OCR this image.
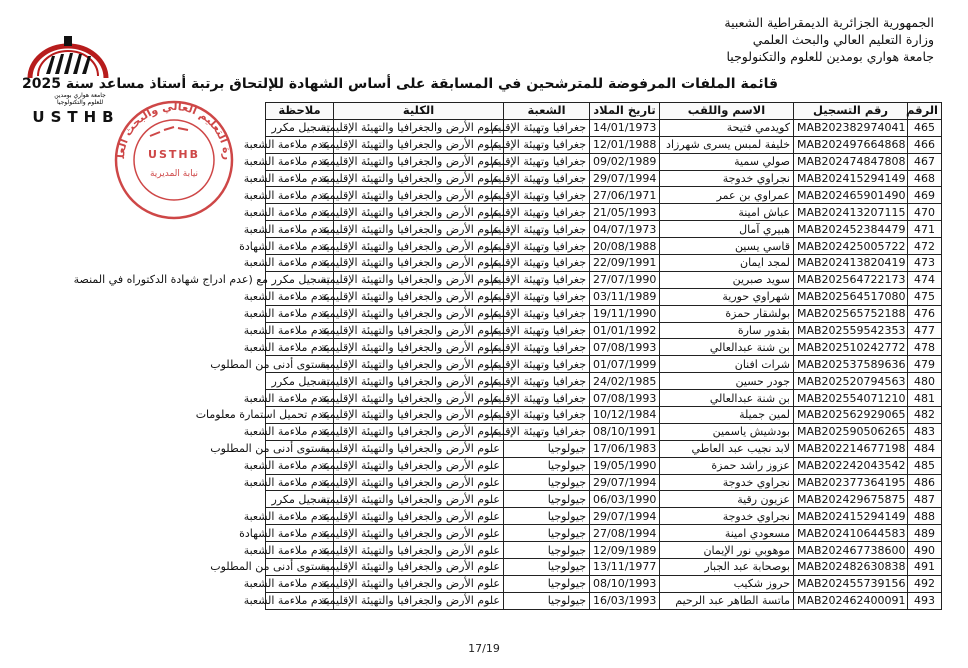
الجمهورية الجزائرية الديمقراطية الشعبية
وزارة التعليم العالي والبحث العلمي
جامعة هواري بومدين للعلوم والتكنولوجيا
جامعة هواري بومدين للعلوم والتكنولوجيا
USTHB
قائمة الملفات المرفوضة للمترشحين في المسابقة على أساس الشهادة للإلتحاق برتبة أستاذ مساعد سنة 2025
الرقم	رقم التسجيل	الاسم واللقب	تاريخ الملاد	الشعبة	الكلية	ملاحظة
465	MAB202382974041	كويدمي فتيحة	14/01/1973	جغرافيا وتهيئة الإقليم	علوم الأرض والجغرافيا والتهيئة الإقليمية	تسجيل مكرر
466	MAB202497664868	خليفة لمبس يسرى شهرزاد	12/01/1988	جغرافيا وتهيئة الإقليم	علوم الأرض والجغرافيا والتهيئة الإقليمية	عدم ملاءمة الشعبة
467	MAB202474847808	صولي سمية	09/02/1989	جغرافيا وتهيئة الإقليم	علوم الأرض والجغرافيا والتهيئة الإقليمية	عدم ملاءمة الشعبة
468	MAB202415294149	نجراوي خدوجة	29/07/1994	جغرافيا وتهيئة الإقليم	علوم الأرض والجغرافيا والتهيئة الإقليمية	عدم ملاءمة الشعبة
469	MAB202465901490	عمراوي بن عمر	27/06/1971	جغرافيا وتهيئة الإقليم	علوم الأرض والجغرافيا والتهيئة الإقليمية	عدم ملاءمة الشعبة
470	MAB202413207115	عباش امينة	21/05/1993	جغرافيا وتهيئة الإقليم	علوم الأرض والجغرافيا والتهيئة الإقليمية	عدم ملاءمة الشعبة
471	MAB202452384479	هبيري آمال	04/07/1973	جغرافيا وتهيئة الإقليم	علوم الأرض والجغرافيا والتهيئة الإقليمية	عدم ملاءمة الشعبة
472	MAB202425005722	قاسي يسين	20/08/1988	جغرافيا وتهيئة الإقليم	علوم الأرض والجغرافيا والتهيئة الإقليمية	عدم ملاءمة الشهادة
473	MAB202413820419	لمجد ايمان	22/09/1991	جغرافيا وتهيئة الإقليم	علوم الأرض والجغرافيا والتهيئة الإقليمية	عدم ملاءمة الشعبة
474	MAB202564722173	سويد صبرين	27/07/1990	جغرافيا وتهيئة الإقليم	علوم الأرض والجغرافيا والتهيئة الإقليمية	تسجيل مكرر مع (عدم ادراج شهادة الدكتوراه في المنصة
475	MAB202564517080	شهراوي حورية	03/11/1989	جغرافيا وتهيئة الإقليم	علوم الأرض والجغرافيا والتهيئة الإقليمية	عدم ملاءمة الشعبة
476	MAB202565752188	بولشقار حمزة	19/11/1990	جغرافيا وتهيئة الإقليم	علوم الأرض والجغرافيا والتهيئة الإقليمية	عدم ملاءمة الشعبة
477	MAB202559542353	بقدور سارة	01/01/1992	جغرافيا وتهيئة الإقليم	علوم الأرض والجغرافيا والتهيئة الإقليمية	عدم ملاءمة الشعبة
478	MAB202510242772	بن شنة عبدالعالي	07/08/1993	جغرافيا وتهيئة الإقليم	علوم الأرض والجغرافيا والتهيئة الإقليمية	عدم ملاءمة الشعبة
479	MAB202537589636	شرات افنان	01/07/1999	جغرافيا وتهيئة الإقليم	علوم الأرض والجغرافيا والتهيئة الإقليمية	مستوى أدنى من المطلوب
480	MAB202520794563	جودر حسين	24/02/1985	جغرافيا وتهيئة الإقليم	علوم الأرض والجغرافيا والتهيئة الإقليمية	تسجيل مكرر
481	MAB202554071210	بن شنة عبدالعالي	07/08/1993	جغرافيا وتهيئة الإقليم	علوم الأرض والجغرافيا والتهيئة الإقليمية	عدم ملاءمة الشعبة
482	MAB202562929065	لمين جميلة	10/12/1984	جغرافيا وتهيئة الإقليم	علوم الأرض والجغرافيا والتهيئة الإقليمية	عدم تحميل استمارة معلومات
483	MAB202590506265	بودشيش ياسمين	08/10/1991	جغرافيا وتهيئة الإقليم	علوم الأرض والجغرافيا والتهيئة الإقليمية	عدم ملاءمة الشعبة
484	MAB202214677198	لابد نجيب عبد العاطي	17/06/1983	جيولوجيا	علوم الأرض والجغرافيا والتهيئة الإقليمية	مستوى أدنى من المطلوب
485	MAB202242043542	عزوز راشد حمزة	19/05/1990	جيولوجيا	علوم الأرض والجغرافيا والتهيئة الإقليمية	عدم ملاءمة الشعبة
486	MAB202377364195	نجراوي خدوجة	29/07/1994	جيولوجيا	علوم الأرض والجغرافيا والتهيئة الإقليمية	عدم ملاءمة الشعبة
487	MAB202429675875	عزيون رقية	06/03/1990	جيولوجيا	علوم الأرض والجغرافيا والتهيئة الإقليمية	تسجيل مكرر
488	MAB202415294149	نجراوي خدوجة	29/07/1994	جيولوجيا	علوم الأرض والجغرافيا والتهيئة الإقليمية	عدم ملاءمة الشعبة
489	MAB202410644583	مسعودي امينة	27/08/1994	جيولوجيا	علوم الأرض والجغرافيا والتهيئة الإقليمية	عدم ملاءمة الشهادة
490	MAB202467738600	موهوبي نور الإيمان	12/09/1989	جيولوجيا	علوم الأرض والجغرافيا والتهيئة الإقليمية	عدم ملاءمة الشعبة
491	MAB202482630838	بوصحابة عبد الجبار	13/11/1977	جيولوجيا	علوم الأرض والجغرافيا والتهيئة الإقليمية	مستوى أدنى من المطلوب
492	MAB202455739156	حروز شكيب	08/10/1993	جيولوجيا	علوم الأرض والجغرافيا والتهيئة الإقليمية	عدم ملاءمة الشعبة
493	MAB202462400091	ماتسة الطاهر عبد الرحيم	16/03/1993	جيولوجيا	علوم الأرض والجغرافيا والتهيئة الإقليمية	عدم ملاءمة الشعبة
رة التعليم العالي والبحث العل	USTHB
نيابة المديرية
17/19
